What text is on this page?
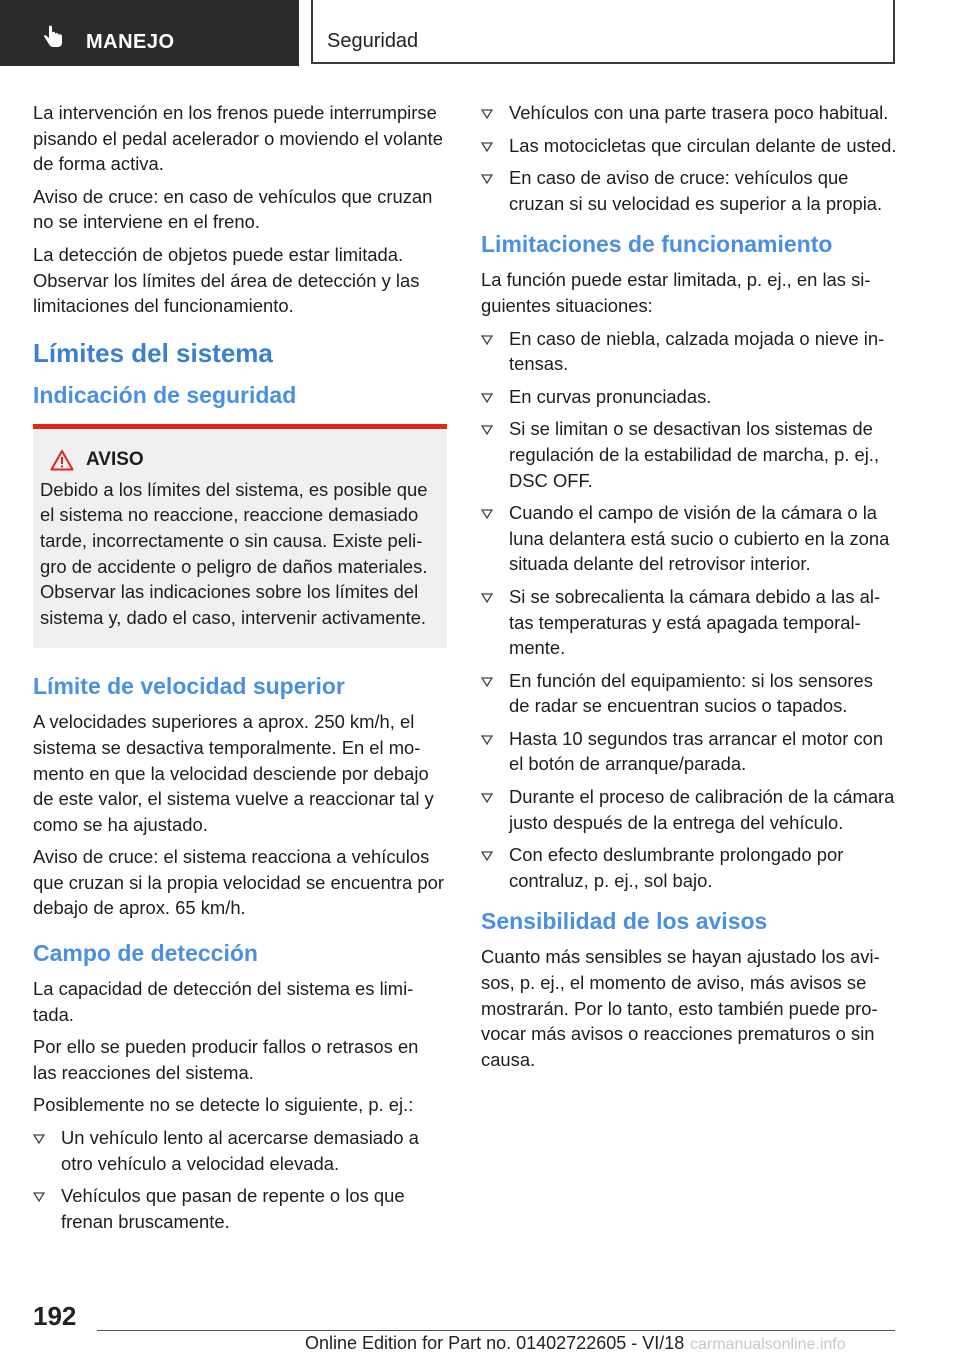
MANEJO	Seguridad

La intervención en los frenos puede interrumpirse pisando el pedal acelerador o moviendo el volante de forma activa.

Aviso de cruce: en caso de vehículos que cruzan no se interviene en el freno.

La detección de objetos puede estar limitada. Observar los límites del área de detección y las limitaciones del funcionamiento.

Límites del sistema
Indicación de seguridad
AVISO

Debido a los límites del sistema, es posible que el sistema no reaccione, reaccione demasiado tarde, incorrectamente o sin causa. Existe peligro de accidente o peligro de daños materiales. Observar las indicaciones sobre los límites del sistema y, dado el caso, intervenir activamente.

Límite de velocidad superior

A velocidades superiores a aprox. 250 km/h, el sistema se desactiva temporalmente. En el momento en que la velocidad desciende por debajo de este valor, el sistema vuelve a reaccionar tal y como se ha ajustado.

Aviso de cruce: el sistema reacciona a vehículos que cruzan si la propia velocidad se encuentra por debajo de aprox. 65 km/h.

Campo de detección

La capacidad de detección del sistema es limitada.

Por ello se pueden producir fallos o retrasos en las reacciones del sistema.

Posiblemente no se detecte lo siguiente, p. ej.:

Un vehículo lento al acercarse demasiado a otro vehículo a velocidad elevada.
Vehículos que pasan de repente o los que frenan bruscamente.
Vehículos con una parte trasera poco habitual.
Las motocicletas que circulan delante de usted.
En caso de aviso de cruce: vehículos que cruzan si su velocidad es superior a la propia.
Limitaciones de funcionamiento

La función puede estar limitada, p. ej., en las siguientes situaciones:

En caso de niebla, calzada mojada o nieve intensas.
En curvas pronunciadas.
Si se limitan o se desactivan los sistemas de regulación de la estabilidad de marcha, p. ej., DSC OFF.
Cuando el campo de visión de la cámara o la luna delantera está sucio o cubierto en la zona situada delante del retrovisor interior.
Si se sobrecalienta la cámara debido a las altas temperaturas y está apagada temporalmente.
En función del equipamiento: si los sensores de radar se encuentran sucios o tapados.
Hasta 10 segundos tras arrancar el motor con el botón de arranque/parada.
Durante el proceso de calibración de la cámara justo después de la entrega del vehículo.
Con efecto deslumbrante prolongado por contraluz, p. ej., sol bajo.
Sensibilidad de los avisos

Cuanto más sensibles se hayan ajustado los avisos, p. ej., el momento de aviso, más avisos se mostrarán. Por lo tanto, esto también puede provocar más avisos o reacciones prematuros o sin causa.

192
Online Edition for Part no. 01402722605 - VI/18 carmanualsonline.info
